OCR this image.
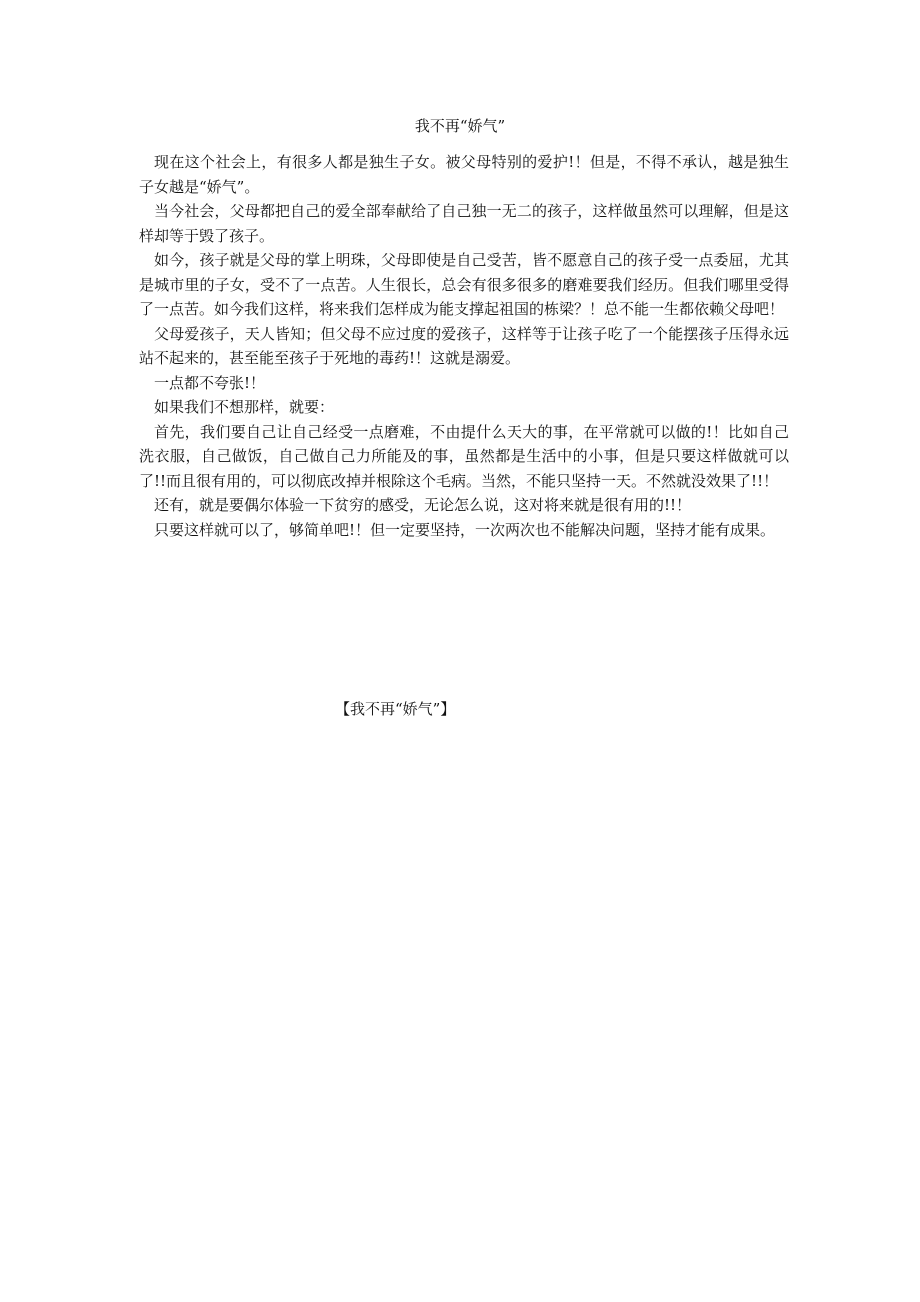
我不再“娇气”

现在这个社会上，有很多人都是独生子女。被父母特别的爱护!！但是，不得不承认，越是独生子女越是“娇气”。

当今社会，父母都把自己的爱全部奉献给了自己独一无二的孩子，这样做虽然可以理解，但是这样却等于毁了孩子。

如今，孩子就是父母的掌上明珠，父母即使是自己受苦，皆不愿意自己的孩子受一点委屈，尤其是城市里的子女，受不了一点苦。人生很长，总会有很多很多的磨难要我们经历。但我们哪里受得了一点苦。如今我们这样，将来我们怎样成为能支撑起祖国的栋梁？！总不能一生都依赖父母吧！

父母爱孩子，天人皆知；但父母不应过度的爱孩子，这样等于让孩子吃了一个能摆孩子压得永远站不起来的，甚至能至孩子于死地的毒药!！这就是溺爱。

一点都不夸张!！

如果我们不想那样，就要：

首先，我们要自己让自己经受一点磨难，不由提什么天大的事，在平常就可以做的!！比如自己洗衣服，自己做饭，自己做自己力所能及的事，虽然都是生活中的小事，但是只要这样做就可以了!!而且很有用的，可以彻底改掉并根除这个毛病。当然，不能只坚持一天。不然就没效果了!!！

还有，就是要偶尔体验一下贫穷的感受，无论怎么说，这对将来就是很有用的!!！

只要这样就可以了，够简单吧!！但一定要坚持，一次两次也不能解决问题，坚持才能有成果。

【我不再“娇气”】
